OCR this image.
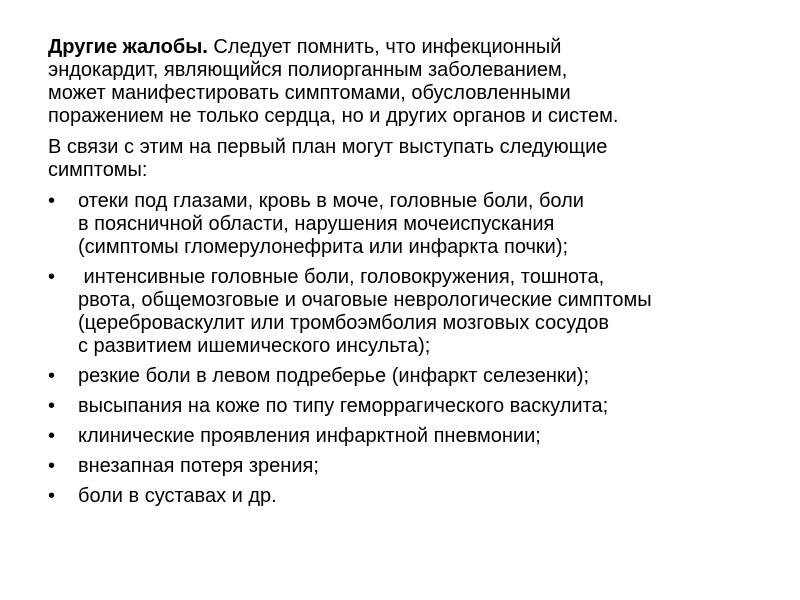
Другие жалобы. Следует помнить, что инфекционный
эндокардит, являющийся полиорганным заболеванием,
может манифестировать симптомами, обусловленными
поражением не только сердца, но и других органов и систем.

В связи с этим на первый план могут выступать следующие
симптомы:

•	отеки под глазами, кровь в моче, головные боли, боли
в поясничной области, нарушения мочеиспускания
(симптомы гломерулонефрита или инфаркта почки);
•	интенсивные головные боли, головокружения, тошнота,
рвота, общемозговые и очаговые неврологические симптомы
(цереброваскулит или тромбоэмболия мозговых сосудов
с развитием ишемического инсульта);
•	резкие боли в левом подреберье (инфаркт селезенки);
•	высыпания на коже по типу геморрагического васкулита;
•	клинические проявления инфарктной пневмонии;
•	внезапная потеря зрения;
•	боли в суставах и др.
